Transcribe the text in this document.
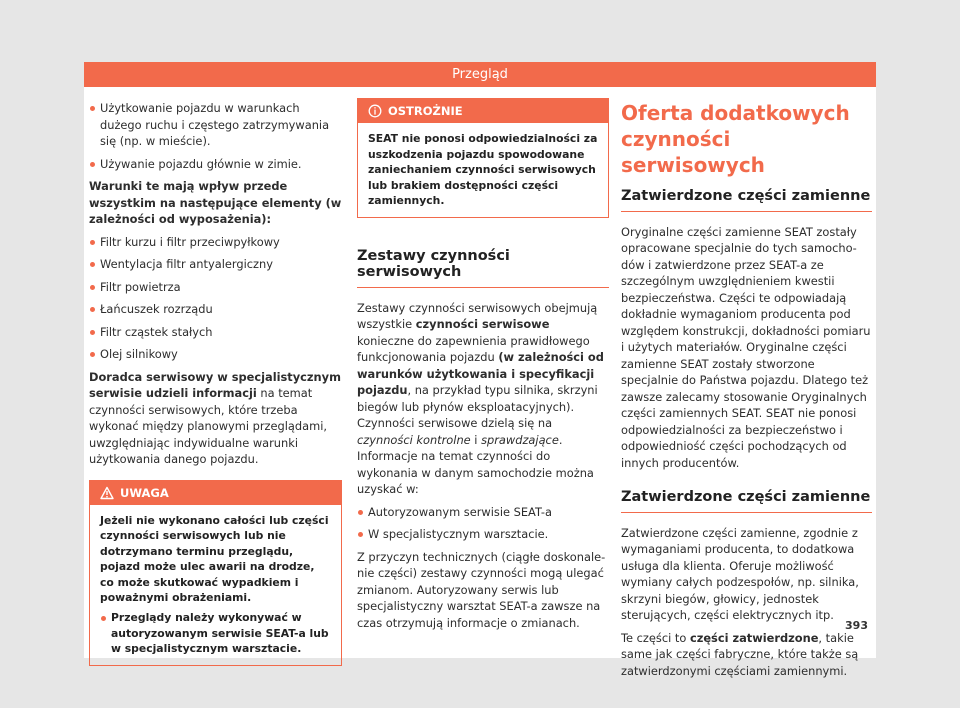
Przegląd
Użytkowanie pojazdu w warunkach dużego ruchu i częstego zatrzymywania się (np. w mieście).
Używanie pojazdu głównie w zimie.

Warunki te mają wpływ przede wszystkim na następujące elementy (w zależności od wyposażenia):

Filtr kurzu i filtr przeciwpyłkowy
Wentylacja filtr antyalergiczny
Filtr powietrza
Łańcuszek rozrządu
Filtr cząstek stałych
Olej silnikowy

Doradca serwisowy w specjalistycznym serwisie udzieli informacji na temat czynności serwisowych, które trzeba wykonać między planowymi przeglądami, uwzględniając indywidualne warunki użytkowania danego pojazdu.

UWAGA
Jeżeli nie wykonano całości lub części czynności serwisowych lub nie dotrzymano terminu przeglądu, pojazd może ulec awarii na drodze, co może skutkować wypadkiem i poważnymi obrażeniami.
Przeglądy należy wykonywać w autoryzowanym serwisie SEAT-a lub w specjalistycznym warsztacie.
OSTROŻNIE
SEAT nie ponosi odpowiedzialności za uszkodzenia pojazdu spowodowane zaniechaniem czynności serwisowych lub brakiem dostępności części zamiennych.
Zestawy czynności serwisowych

Zestawy czynności serwisowych obejmują wszystkie czynności serwisowe konieczne do zapewnienia prawidłowego funkcjonowania pojazdu (w zależności od warunków użytkowania i specyfikacji pojazdu, na przykład typu silnika, skrzyni biegów lub płynów eksploatacyjnych). Czynności serwisowe dzielą się na czynności kontrolne i sprawdzające. Informacje na temat czynności do wykonania w danym samochodzie można uzyskać w:

Autoryzowanym serwisie SEAT-a
W specjalistycznym warsztacie.

Z przyczyn technicznych (ciągłe doskonalenie części) zestawy czynności mogą ulegać zmianom. Autoryzowany serwis lub specjalistyczny warsztat SEAT-a zawsze na czas otrzymują informacje o zmianach.

Oferta dodatkowych czynności serwisowych
Zatwierdzone części zamienne

Oryginalne części zamienne SEAT zostały opracowane specjalnie do tych samochodów i zatwierdzone przez SEAT-a ze szczególnym uwzględnieniem kwestii bezpieczeństwa. Części te odpowiadają dokładnie wymaganiom producenta pod względem konstrukcji, dokładności pomiaru i użytych materiałów. Oryginalne części zamienne SEAT zostały stworzone specjalnie do Państwa pojazdu. Dlatego też zawsze zalecamy stosowanie Oryginalnych części zamiennych SEAT. SEAT nie ponosi odpowiedzialności za bezpieczeństwo i odpowiedniość części pochodzących od innych producentów.

Zatwierdzone części zamienne

Zatwierdzone części zamienne, zgodnie z wymaganiami producenta, to dodatkowa usługa dla klienta. Oferuje możliwość wymiany całych podzespołów, np. silnika, skrzyni biegów, głowicy, jednostek sterujących, części elektrycznych itp.

Te części to części zatwierdzone, takie same jak części fabryczne, które także są zatwierdzonymi częściami zamiennymi.

393
